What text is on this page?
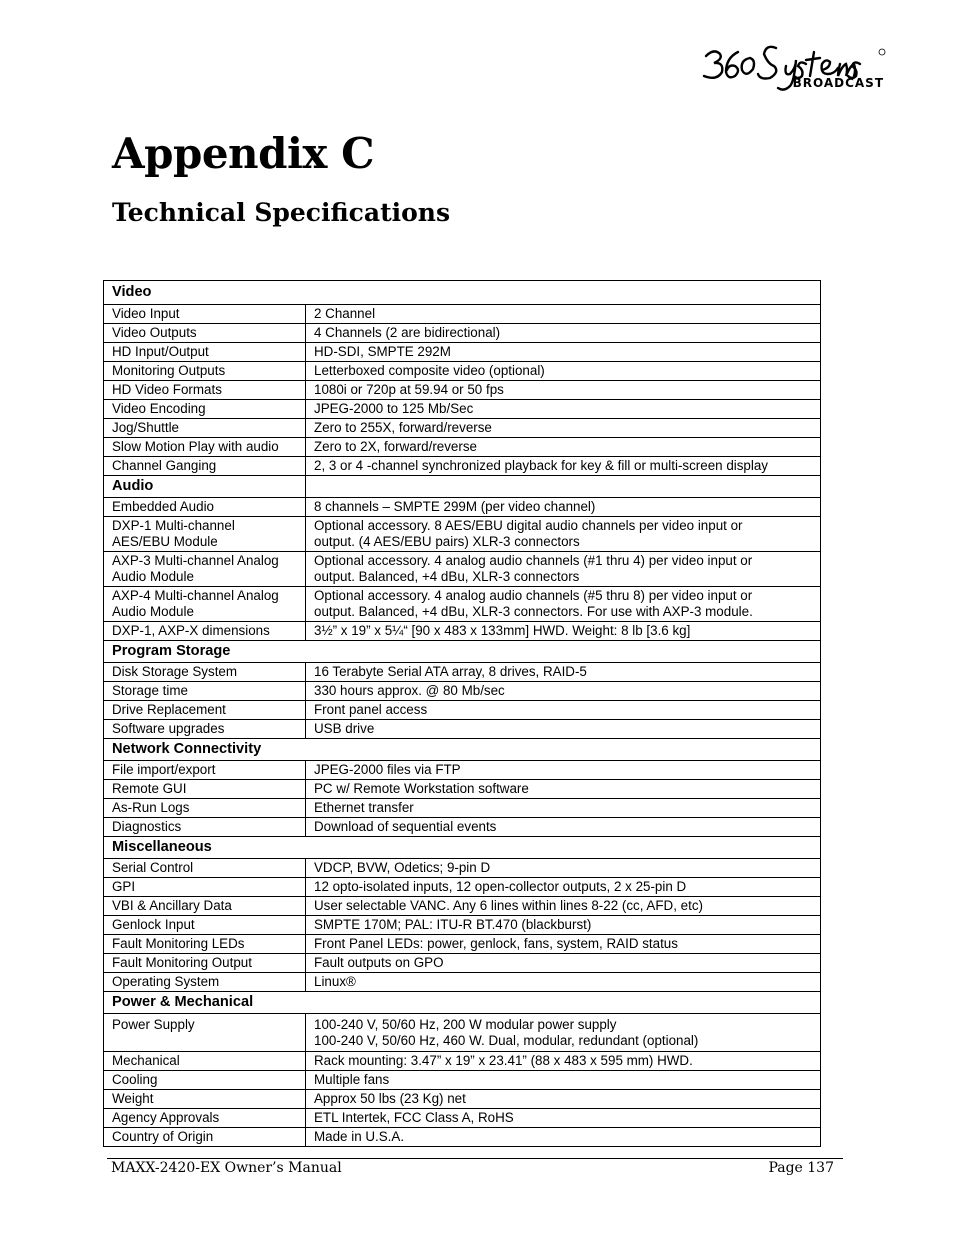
BROADCAST
Appendix C
Technical Specifications
Video	
Video Input	2 Channel
Video Outputs	4 Channels (2 are bidirectional)
HD Input/Output	HD-SDI, SMPTE 292M
Monitoring Outputs	Letterboxed composite video (optional)
HD Video Formats	1080i or 720p at 59.94 or 50 fps
Video Encoding	JPEG-2000 to 125 Mb/Sec
Jog/Shuttle	Zero to 255X, forward/reverse
Slow Motion Play with audio	Zero to 2X, forward/reverse
Channel Ganging	2, 3 or 4 -channel synchronized playback for key & fill or multi-screen display
Audio	
Embedded Audio	8 channels – SMPTE 299M (per video channel)

DXP-1 Multi-channel
AES/EBU Module	Optional accessory. 8 AES/EBU digital audio channels per video input or
output. (4 AES/EBU pairs) XLR-3 connectors

AXP-3 Multi-channel Analog
Audio Module	Optional accessory. 4 analog audio channels (#1 thru 4) per video input or
output. Balanced, +4 dBu, XLR-3 connectors

AXP-4 Multi-channel Analog
Audio Module	Optional accessory. 4 analog audio channels (#5 thru 8) per video input or
output. Balanced, +4 dBu, XLR-3 connectors. For use with AXP-3 module.

DXP-1, AXP-X dimensions	3½” x 19” x 5¼“ [90 x 483 x 133mm] HWD. Weight: 8 lb [3.6 kg]
Program Storage	
Disk Storage System	16 Terabyte Serial ATA array, 8 drives, RAID-5
Storage time	330 hours approx. @ 80 Mb/sec
Drive Replacement	Front panel access
Software upgrades	USB drive
Network Connectivity	
File import/export	JPEG-2000 files via FTP
Remote GUI	PC w/ Remote Workstation software
As-Run Logs	Ethernet transfer
Diagnostics	Download of sequential events
Miscellaneous	
Serial Control	VDCP, BVW, Odetics; 9-pin D
GPI	12 opto-isolated inputs, 12 open-collector outputs, 2 x 25-pin D
VBI & Ancillary Data	User selectable VANC. Any 6 lines within lines 8-22 (cc, AFD, etc)
Genlock Input	SMPTE 170M; PAL: ITU-R BT.470 (blackburst)
Fault Monitoring LEDs	Front Panel LEDs: power, genlock, fans, system, RAID status
Fault Monitoring Output	Fault outputs on GPO
Operating System	Linux®
Power & Mechanical	
Power Supply	100-240 V, 50/60 Hz, 200 W modular power supply
100-240 V, 50/60 Hz, 460 W. Dual, modular, redundant (optional)

Mechanical	Rack mounting: 3.47” x 19” x 23.41” (88 x 483 x 595 mm) HWD.
Cooling	Multiple fans
Weight	Approx 50 lbs (23 Kg) net
Agency Approvals	ETL Intertek, FCC Class A, RoHS
Country of Origin	Made in U.S.A.
MAXX-2420-EX Owner’s Manual	Page 137
